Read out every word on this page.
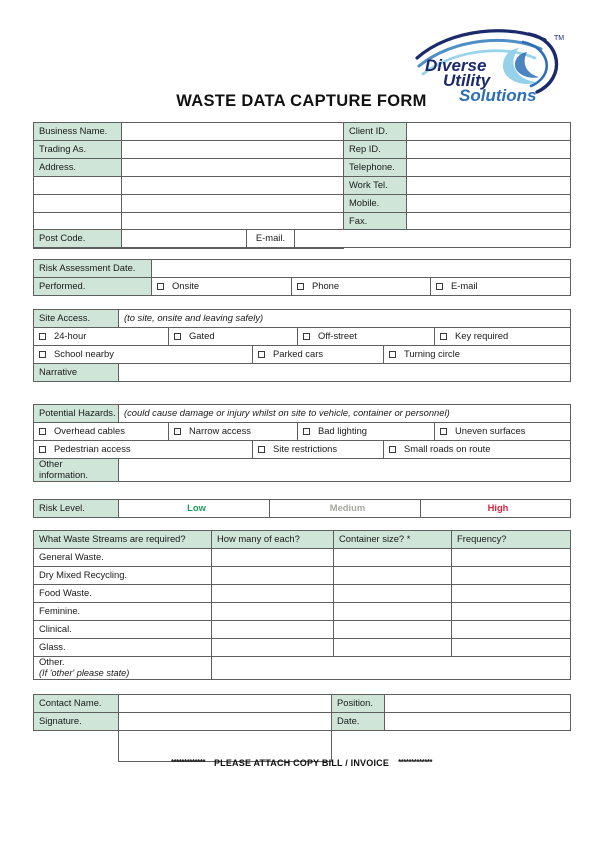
TM
Diverse
Utility
Solutions
WASTE DATA CAPTURE FORM
Business Name.		Client ID.	
Trading As.		Rep ID.	
Address.		Telephone.	
		Work Tel.	
		Mobile.	
		Fax.	

Post Code.		E-mail.	
Risk Assessment Date.			
Performed.	Onsite	Phone	E-mail
Site Access.	(to site, onsite and leaving safely)					
24-hour		Gated		Off-street		Key required
School nearby			Parked cars		Turning circle	
Narrative						
Potential Hazards.	(could cause damage or injury whilst on site to vehicle, container or personnel)					
Overhead cables		Narrow access		Bad lighting		Uneven surfaces
Pedestrian access			Site restrictions		Small roads on route	
Other
information.						
Risk Level.	Low	Medium	High
What Waste Streams are required?	How many of each?	Container size? *	Frequency?
General Waste.			
Dry Mixed Recycling.			
Food Waste.			
Feminine.			
Clinical.			
Glass.			
Other.
(If 'other' please state)			
Contact Name.		Position.	
Signature.		Date.	

************* PLEASE ATTACH COPY BILL / INVOICE *************
